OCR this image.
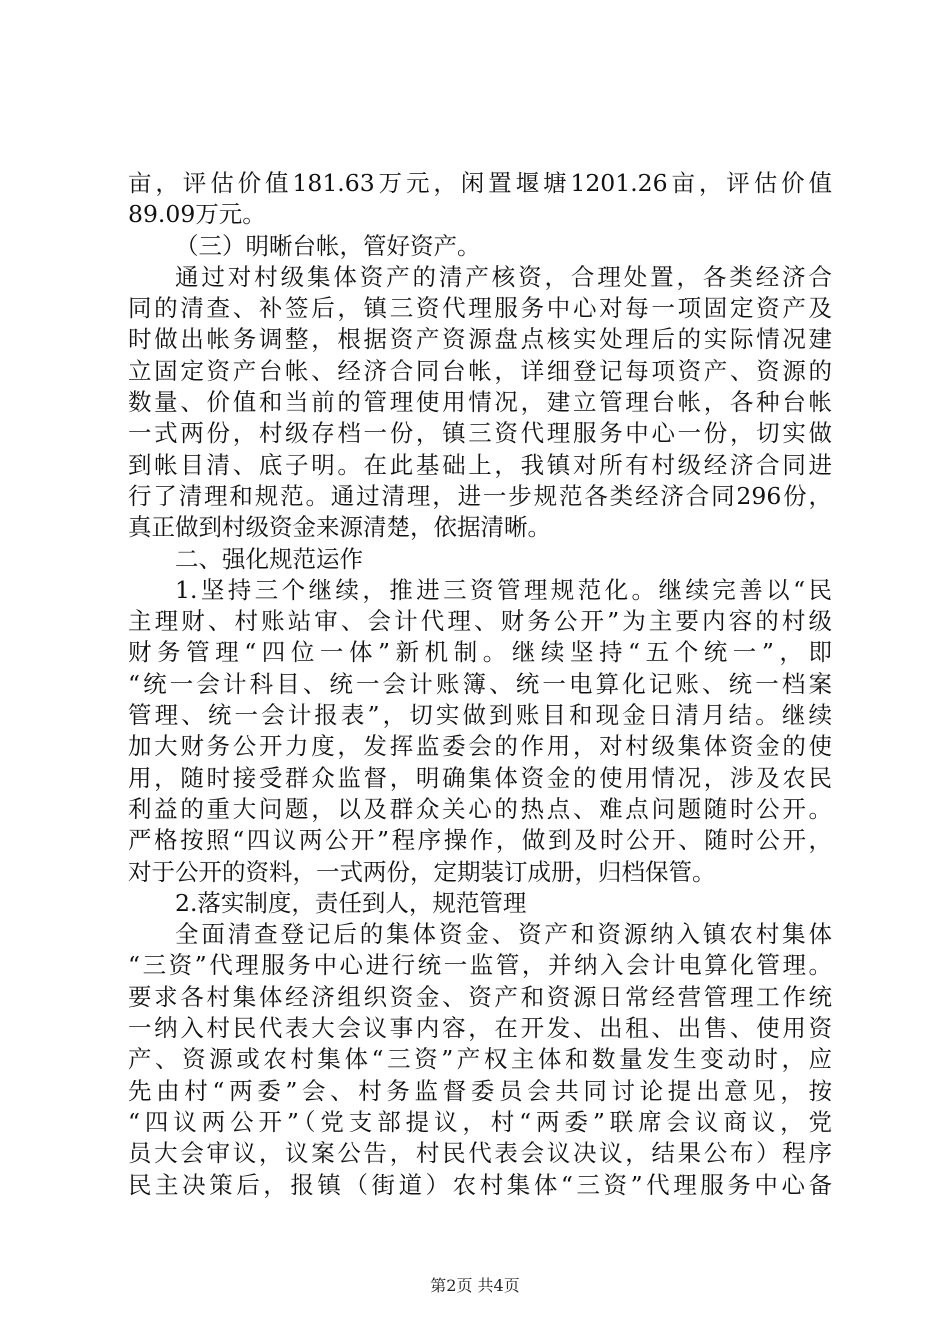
亩，评估价值181.63万元，闲置堰塘1201.26亩，评估价值
89.09万元。
（三）明晰台帐，管好资产。
通过对村级集体资产的清产核资，合理处置，各类经济合
同的清查、补签后，镇三资代理服务中心对每一项固定资产及
时做出帐务调整，根据资产资源盘点核实处理后的实际情况建
立固定资产台帐、经济合同台帐，详细登记每项资产、资源的
数量、价值和当前的管理使用情况，建立管理台帐，各种台帐
一式两份，村级存档一份，镇三资代理服务中心一份，切实做
到帐目清、底子明。在此基础上，我镇对所有村级经济合同进
行了清理和规范。通过清理，进一步规范各类经济合同296份，
真正做到村级资金来源清楚，依据清晰。
二、强化规范运作
1.坚持三个继续，推进三资管理规范化。继续完善以“民
主理财、村账站审、会计代理、财务公开”为主要内容的村级
财务管理“四位一体”新机制。继续坚持“五个统一”，即
“统一会计科目、统一会计账簿、统一电算化记账、统一档案
管理、统一会计报表”，切实做到账目和现金日清月结。继续
加大财务公开力度，发挥监委会的作用，对村级集体资金的使
用，随时接受群众监督，明确集体资金的使用情况，涉及农民
利益的重大问题，以及群众关心的热点、难点问题随时公开。
严格按照“四议两公开”程序操作，做到及时公开、随时公开，
对于公开的资料，一式两份，定期装订成册，归档保管。
2.落实制度，责任到人，规范管理
全面清查登记后的集体资金、资产和资源纳入镇农村集体
“三资”代理服务中心进行统一监管，并纳入会计电算化管理。
要求各村集体经济组织资金、资产和资源日常经营管理工作统
一纳入村民代表大会议事内容，在开发、出租、出售、使用资
产、资源或农村集体“三资”产权主体和数量发生变动时，应
先由村“两委”会、村务监督委员会共同讨论提出意见，按
“四议两公开”（党支部提议，村“两委”联席会议商议，党
员大会审议，议案公告，村民代表会议决议，结果公布）程序
民主决策后，报镇（街道）农村集体“三资”代理服务中心备
第2页 共4页
